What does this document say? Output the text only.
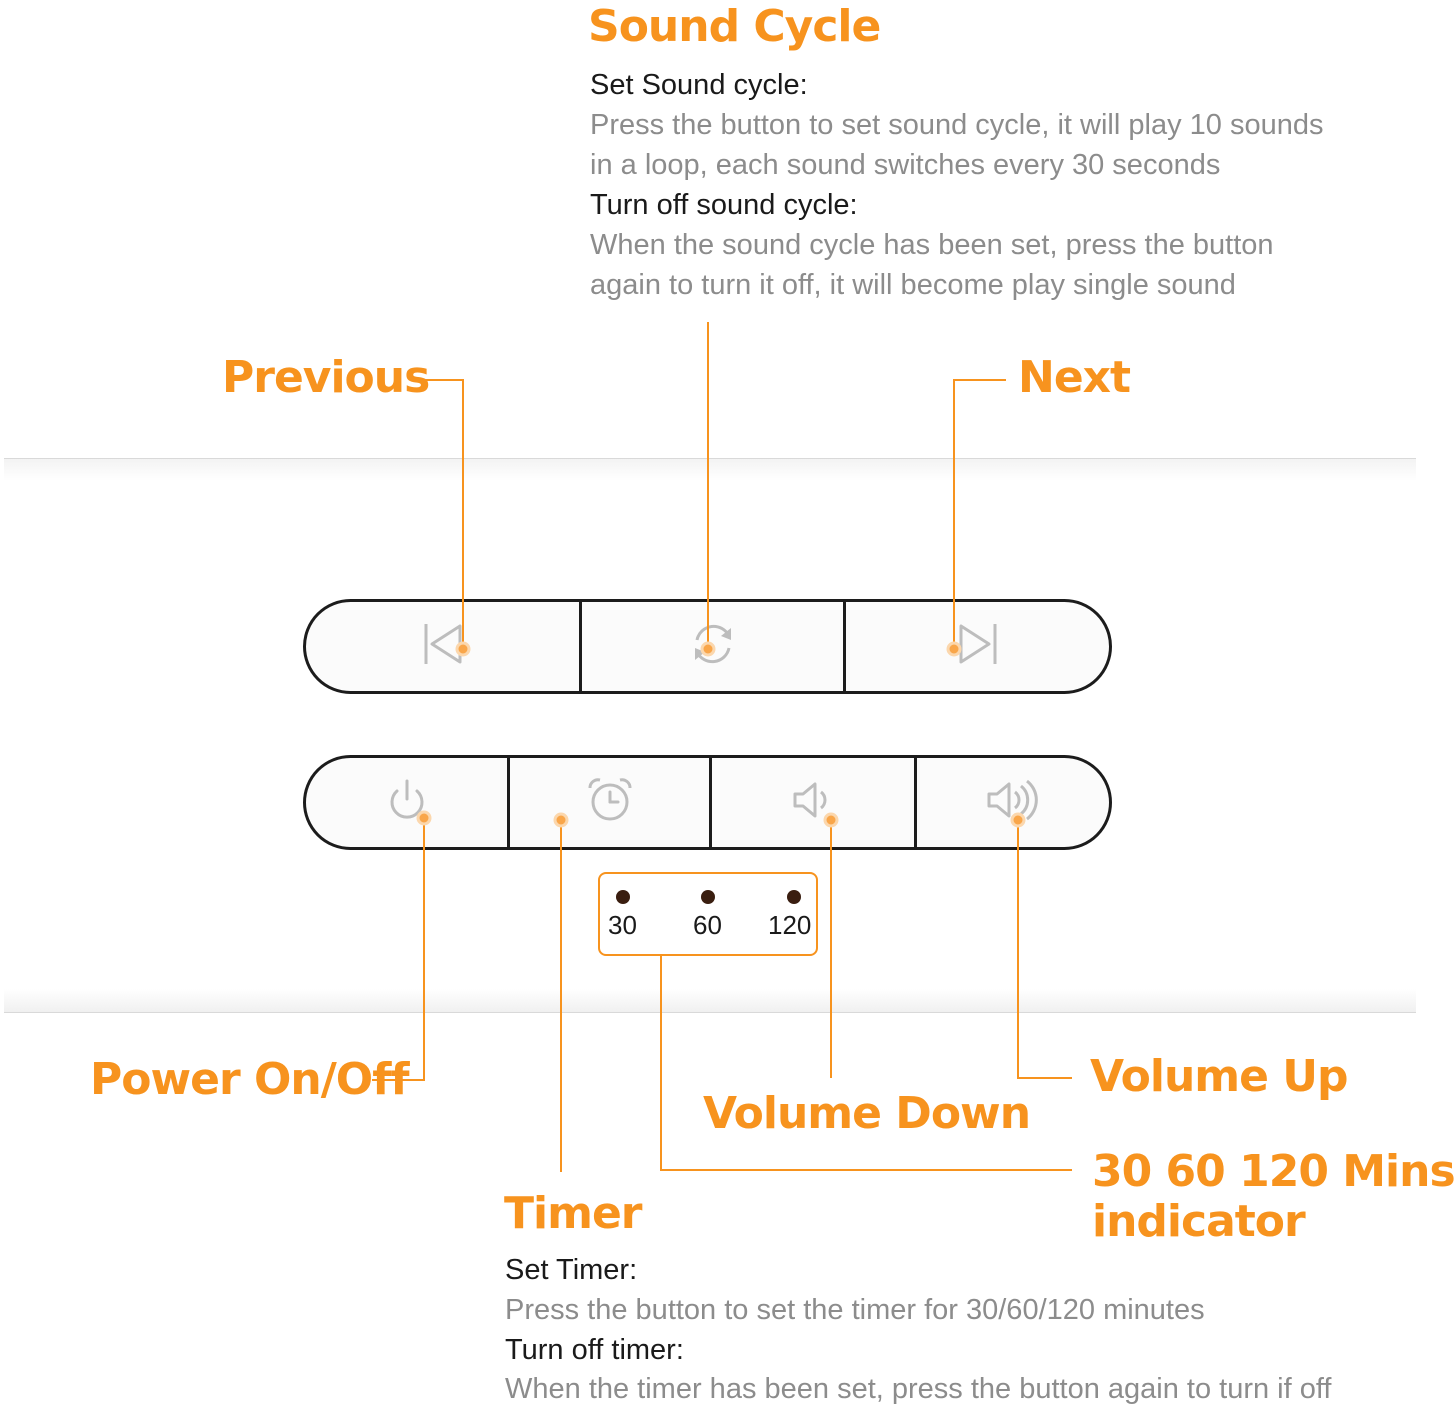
Sound Cycle
Set Sound cycle:
Press the button to set sound cycle, it will play 10 sounds
in a loop, each sound switches every 30 seconds
Turn off sound cycle:
When the sound cycle has been set, press the button
again to turn it off, it will become play single sound
Previous	Next
30 60 120
Power On/Off
Volume Down
Volume Up
30 60 120 Mins
indicator
Timer
Set Timer:
Press the button to set the timer for 30/60/120 minutes
Turn off timer:
When the timer has been set, press the button again to turn if off
